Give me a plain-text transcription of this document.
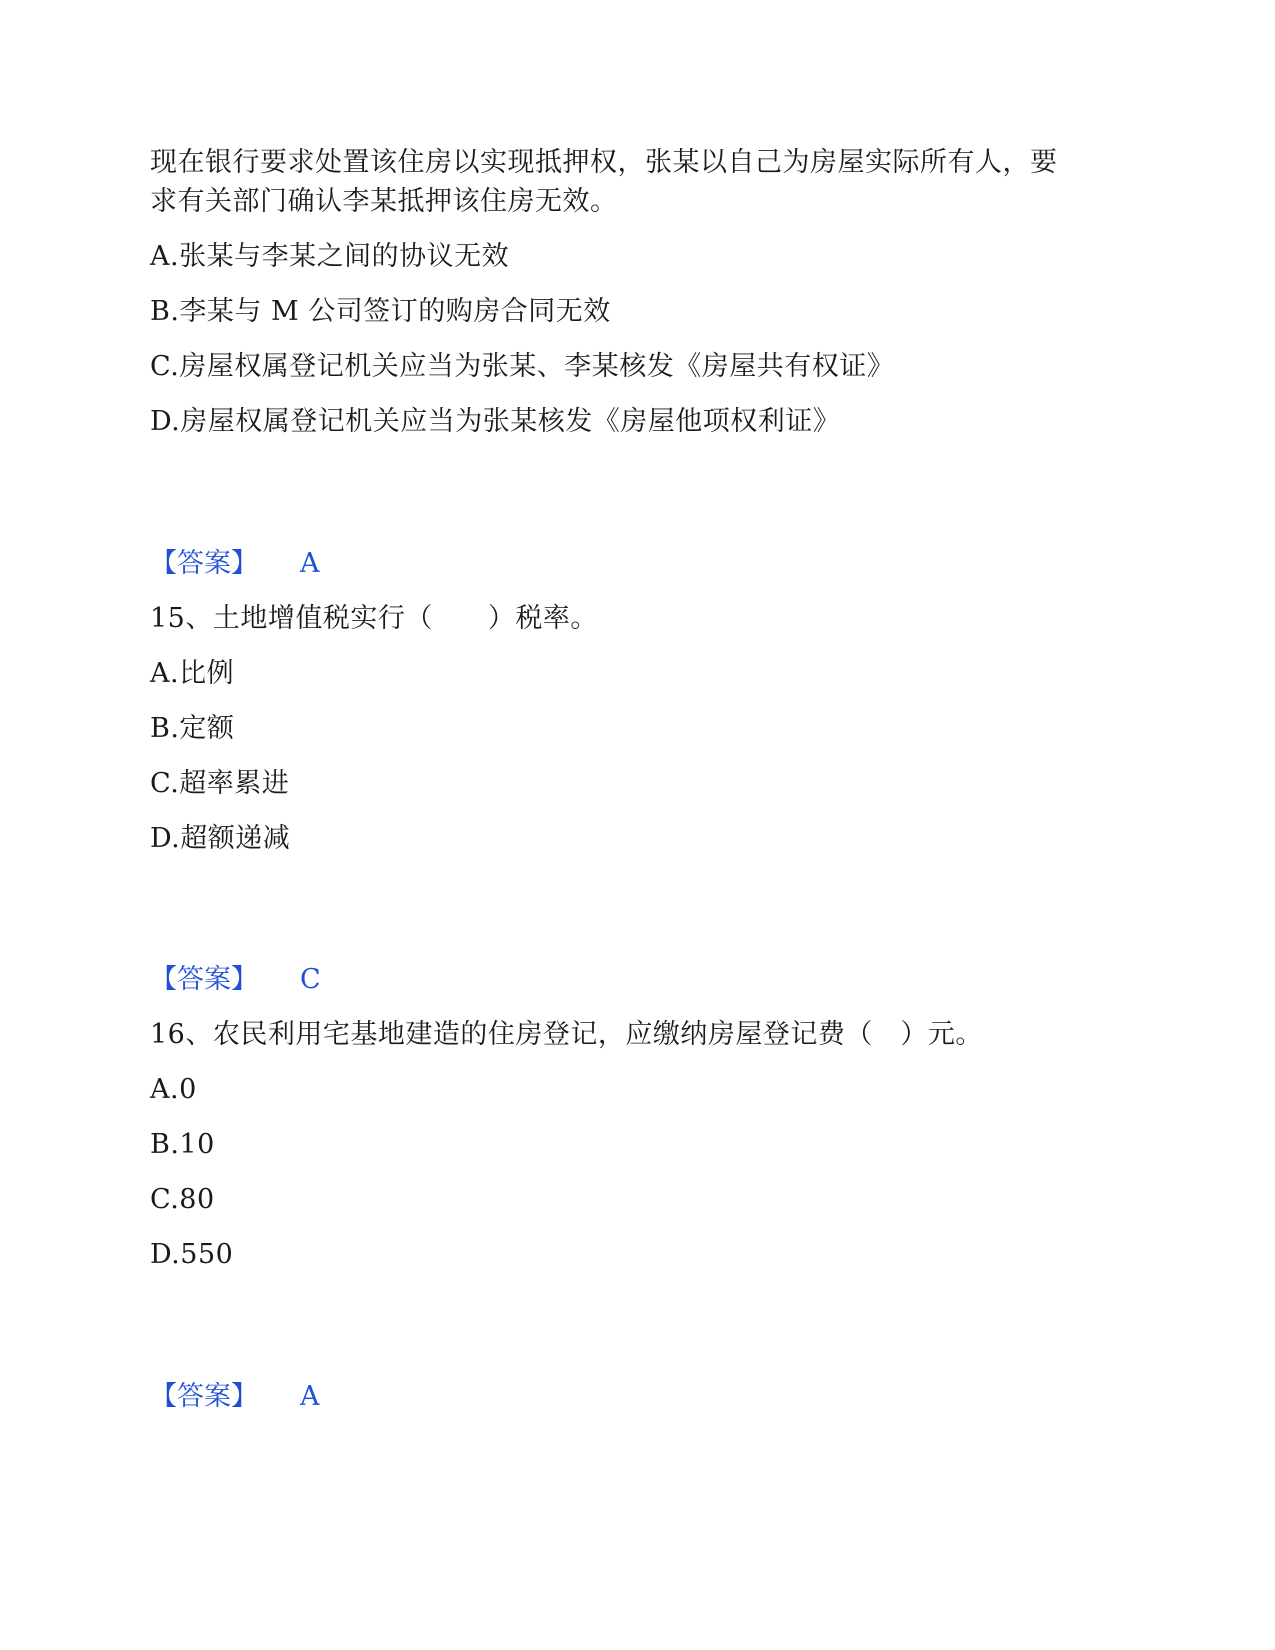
现在银行要求处置该住房以实现抵押权，张某以自己为房屋实际所有人，要
求有关部门确认李某抵押该住房无效。
A.张某与李某之间的协议无效
B.李某与 M 公司签订的购房合同无效
C.房屋权属登记机关应当为张某、李某核发《房屋共有权证》
D.房屋权属登记机关应当为张某核发《房屋他项权利证》
【答案】 A
15、土地增值税实行（　　）税率。
A.比例
B.定额
C.超率累进
D.超额递减
【答案】 C
16、农民利用宅基地建造的住房登记，应缴纳房屋登记费（　）元。
A.0
B.10
C.80
D.550
【答案】 A
